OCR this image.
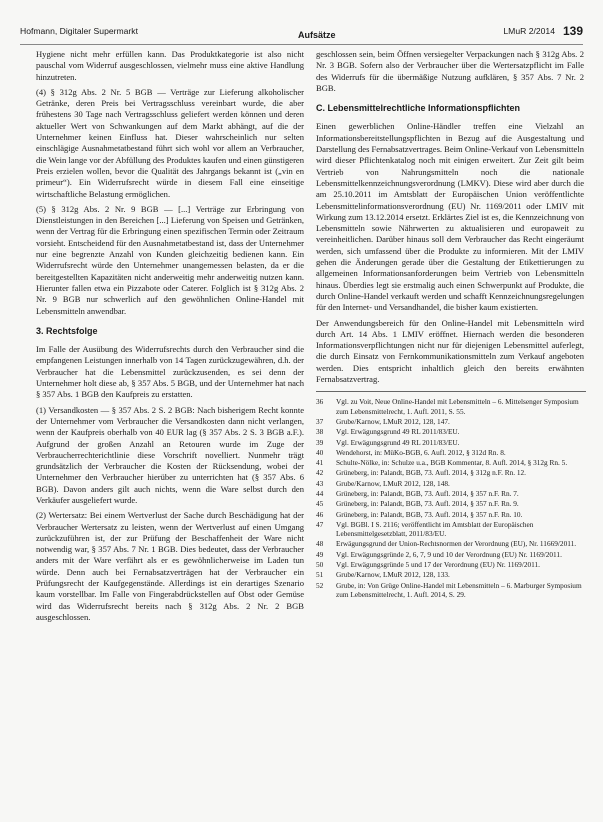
Hofmann, Digitaler Supermarkt	Aufsätze	LMuR 2/2014 139

Hygiene nicht mehr erfüllen kann. Das Produktkategorie ist also nicht pauschal vom Widerruf ausgeschlossen, vielmehr muss eine aktive Handlung hinzutreten.

(4) § 312g Abs. 2 Nr. 5 BGB — Verträge zur Lieferung alkoholischer Getränke, deren Preis bei Vertragsschluss vereinbart wurde, die aber frühestens 30 Tage nach Vertragsschluss geliefert werden können und deren aktueller Wert von Schwankungen auf dem Markt abhängt, auf die der Unternehmer keinen Einfluss hat. Dieser wahrscheinlich nur selten einschlägige Ausnahmetatbestand führt sich wohl vor allem an Verbraucher, die Wein lange vor der Abfüllung des Produktes kaufen und einen günstigeren Preis erzielen wollen, bevor die Qualität des Jahrgangs bekannt ist („vin en primeur“). Ein Widerrufsrecht würde in diesem Fall eine einseitige wirtschaftliche Belastung ermöglichen.

(5) § 312g Abs. 2 Nr. 9 BGB — [...] Verträge zur Erbringung von Dienstleistungen in den Bereichen [...] Lieferung von Speisen und Getränken, wenn der Vertrag für die Erbringung einen spezifischen Termin oder Zeitraum vorsieht. Entscheidend für den Ausnahmetatbestand ist, dass der Unternehmer nur eine begrenzte Anzahl von Kunden gleichzeitig bedienen kann. Ein Widerrufsrecht würde den Unternehmer unangemessen belasten, da er die bereitgestellten Kapazitäten nicht anderweitig mehr anderweitig nutzen kann. Hierunter fallen etwa ein Pizzabote oder Caterer. Folglich ist § 312g Abs. 2 Nr. 9 BGB nur schwerlich auf den gewöhnlichen Online-Handel mit Lebensmitteln anwendbar.

3. Rechtsfolge

Im Falle der Ausübung des Widerrufsrechts durch den Verbraucher sind die empfangenen Leistungen innerhalb von 14 Tagen zurückzugewähren, d.h. der Verbraucher hat die Lebensmittel zurückzusenden, es sei denn der Unternehmer holt diese ab, § 357 Abs. 5 BGB, und der Unternehmer hat nach § 357 Abs. 1 BGB den Kaufpreis zu erstatten.

(1) Versandkosten — § 357 Abs. 2 S. 2 BGB: Nach bisherigem Recht konnte der Unternehmer vom Verbraucher die Versandkosten dann nicht verlangen, wenn der Kaufpreis oberhalb von 40 EUR lag (§ 357 Abs. 2 S. 3 BGB a.F.). Aufgrund der großen Anzahl an Retouren wurde im Zuge der Verbraucherrechterichtlinie diese Vorschrift novelliert. Nunmehr trägt grundsätzlich der Verbraucher die Kosten der Rücksendung, wobei der Unternehmer den Verbraucher hierüber zu unterrichten hat (§ 357 Abs. 6 BGB). Davon anders gilt auch nichts, wenn die Ware selbst durch den Verkäufer ausgeliefert wurde.

(2) Wertersatz: Bei einem Wertverlust der Sache durch Beschädigung hat der Verbraucher Wertersatz zu leisten, wenn der Wertverlust auf einen Umgang zurückzuführen ist, der zur Prüfung der Beschaffenheit der Ware nicht notwendig war, § 357 Abs. 7 Nr. 1 BGB. Dies bedeutet, dass der Verbraucher anders mit der Ware verfährt als er es gewöhnlicherweise im Laden tun würde. Denn auch bei Fernabsatzverträgen hat der Verbraucher ein Prüfungsrecht der Kaufgegenstände. Allerdings ist ein derartiges Szenario kaum vorstellbar. Im Falle von Fingerabdrückstellen auf Obst oder Gemüse wird das Widerrufsrecht bereits nach § 312g Abs. 2 Nr. 2 BGB ausgeschlossen.

geschlossen sein, beim Öffnen versiegelter Verpackungen nach § 312g Abs. 2 Nr. 3 BGB. Sofern also der Verbraucher über die Wertersatzpflicht im Falle des Widerrufs für die übermäßige Nutzung aufklären, § 357 Abs. 7 Nr. 2 BGB.

C. Lebensmittelrechtliche Informationspflichten

Einen gewerblichen Online-Händler treffen eine Vielzahl an Informationsbereitstellungspflichten in Bezug auf die Ausgestaltung und Darstellung des Fernabsatzvertrages. Beim Online-Verkauf von Lebensmitteln wird dieser Pflichtenkatalog noch mit einigen erweitert. Zur Zeit gilt beim Vertrieb von Nahrungsmitteln noch die nationale Lebensmittelkennzeichnungsverordnung (LMKV). Diese wird aber durch die am 25.10.2011 im Amtsblatt der Europäischen Union veröffentlichte Lebensmittelinformationsverordnung (EU) Nr. 1169/2011 oder LMIV mit Wirkung zum 13.12.2014 ersetzt. Erklärtes Ziel ist es, die Kennzeichnung von Lebensmitteln sowie Nährwerten zu aktualisieren und europaweit zu vereinheitlichen. Darüber hinaus soll dem Verbraucher das Recht eingeräumt werden, sich umfassend über die Produkte zu informieren. Mit der LMIV gehen die Änderungen gerade über die Gestaltung der Etikettierungen zu allgemeinen Informationsanforderungen beim Vertrieb von Lebensmitteln hinaus. Überdies legt sie erstmalig auch einen Schwerpunkt auf Produkte, die durch Online-Handel verkauft werden und schafft Kennzeichnungsregelungen für den Internet- und Versandhandel, die bisher kaum existierten.

Der Anwendungsbereich für den Online-Handel mit Lebensmitteln wird durch Art. 14 Abs. 1 LMIV eröffnet. Hiernach werden die besonderen Informationsverpflichtungen nicht nur für diejenigen Lebensmittel auferlegt, die durch Einsatz von Fernkommunikationsmitteln zum Verkauf angeboten werden. Dies entspricht inhaltlich gleich den bereits erwähnten Fernabsatzvertrag.

36	Vgl. zu Voit, Neue Online-Handel mit Lebensmitteln – 6. Mittelsenger Symposium zum Lebensmittelrecht, 1. Aufl. 2011, S. 55.
37	Grube/Karnow, LMuR 2012, 128, 147.
38	Vgl. Erwägungsgrund 49 RL 2011/83/EU.
39	Vgl. Erwägungsgrund 49 RL 2011/83/EU.
40	Wendehorst, in: MüKo-BGB, 6. Aufl. 2012, § 312d Rn. 8.
41	Schulte-Nölke, in: Schulze u.a., BGB Kommentar, 8. Aufl. 2014, § 312g Rn. 5.
42	Grüneberg, in: Palandt, BGB, 73. Aufl. 2014, § 312g n.F. Rn. 12.
43	Grube/Karnow, LMuR 2012, 128, 148.
44	Grüneberg, in: Palandt, BGB, 73. Aufl. 2014, § 357 n.F. Rn. 7.
45	Grüneberg, in: Palandt, BGB, 73. Aufl. 2014, § 357 n.F. Rn. 9.
46	Grüneberg, in: Palandt, BGB, 73. Aufl. 2014, § 357 n.F. Rn. 10.
47	Vgl. BGBl. I S. 2116; veröffentlicht im Amtsblatt der Europäischen Lebensmittelgesetzblatt, 2011/83/EU.
48	Erwägungsgrund der Union-Rechtsnormen der Verordnung (EU), Nr. 11669/2011.
49	Vgl. Erwägungsgründe 2, 6, 7, 9 und 10 der Verordnung (EU) Nr. 1169/2011.
50	Vgl. Erwägungsgründe 5 und 17 der Verordnung (EU) Nr. 1169/2011.
51	Grube/Karnow, LMuR 2012, 128, 133.
52	Grube, in: Von Grüge Online-Handel mit Lebensmitteln – 6. Marburger Symposium zum Lebensmittelrecht, 1. Aufl. 2014, S. 29.
